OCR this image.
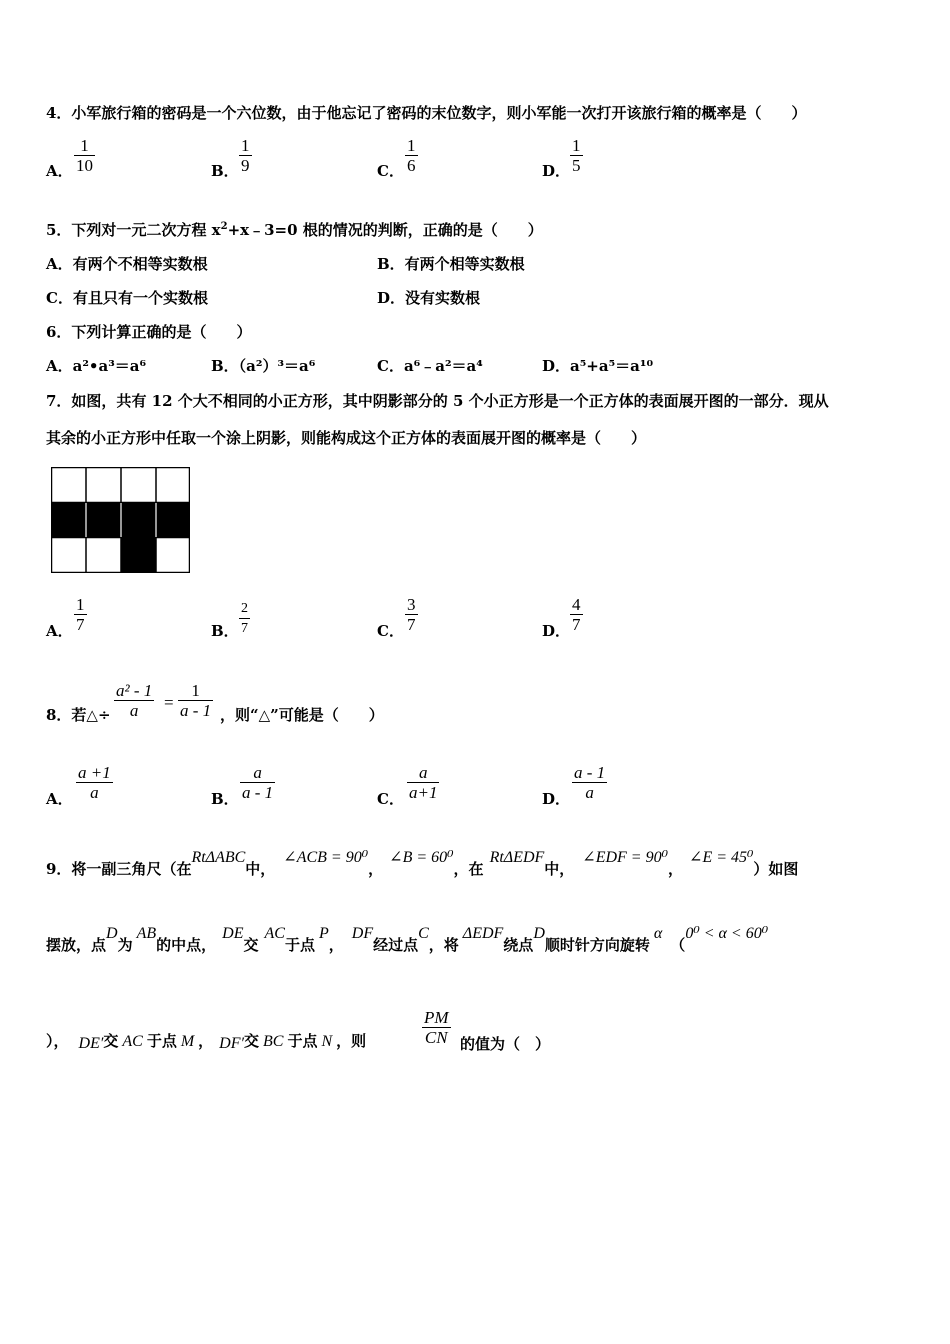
4．小军旅行箱的密码是一个六位数，由于他忘记了密码的末位数字，则小军能一次打开该旅行箱的概率是（　　）
A． $\frac{1}{10}$	B． $\frac{1}{9}$	C． $\frac{1}{6}$	D． $\frac{1}{5}$
5．下列对一元二次方程 $x^2+x﹣3=0$ 根的情况的判断，正确的是（　　）
A．有两个不相等实数根	B．有两个相等实数根
C．有且只有一个实数根	D．没有实数根
6．下列计算正确的是（　　）
A．a²•a³＝a⁶	B．（a²）³＝a⁶	C．a⁶﹣a²＝a⁴	D．a⁵+a⁵＝a¹⁰
7．如图，共有 12 个大不相同的小正方形，其中阴影部分的 5 个小正方形是一个正方体的表面展开图的一部分．现从
其余的小正方形中任取一个涂上阴影，则能构成这个正方体的表面展开图的概率是（　　）
A． $\frac{1}{7}$	B． $\frac{2}{7}$	C． $\frac{3}{7}$	D． $\frac{4}{7}$
8．若△÷ $\frac{\text{a² - 1}}{a} = \frac{1}{a - 1}$ ，则“△”可能是（　　）
A． $\frac{a +1}{a}$	B． $\frac{a}{a - 1}$	C． $\frac{a}{a+1}$	D． $\frac{a - 1}{a}$
9．将一副三角尺（在RtΔABC中，∠ACB = 90⁰，∠B = 60⁰，在RtΔEDF中，∠EDF = 90⁰，∠E = 45⁰）如图
摆放，点D为AB的中点，DE交AC于点P，DF经过点C，将ΔEDF绕点D顺时针方向旋转α（0⁰ < α < 60⁰
）， DE′交 AC 于点 M ， DF′交 BC 于点 N ，则	$\frac{PM}{CN}$ 的值为（　）
